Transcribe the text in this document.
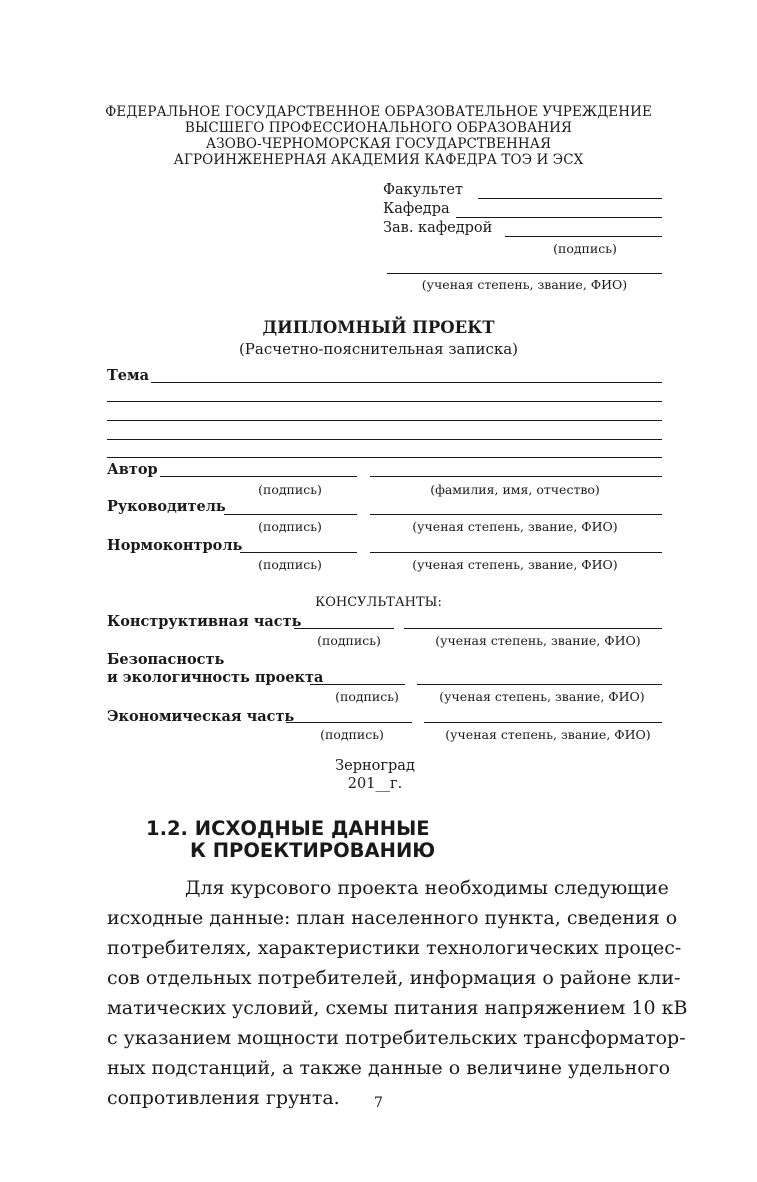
ФЕДЕРАЛЬНОЕ ГОСУДАРСТВЕННОЕ ОБРАЗОВАТЕЛЬНОЕ УЧРЕЖДЕНИЕ
ВЫСШЕГО ПРОФЕССИОНАЛЬНОГО ОБРАЗОВАНИЯ
АЗОВО-ЧЕРНОМОРСКАЯ ГОСУДАРСТВЕННАЯ
АГРОИНЖЕНЕРНАЯ АКАДЕМИЯ КАФЕДРА ТОЭ И ЭСХ
Факультет
Кафедра
Зав. кафедрой
(подпись)
(ученая степень, звание, ФИО)
ДИПЛОМНЫЙ ПРОЕКТ
(Расчетно-пояснительная записка)
Тема
Автор
(подпись)	(фамилия, имя, отчество)
Руководитель
(подпись)	(ученая степень, звание, ФИО)
Нормоконтроль
(подпись)	(ученая степень, звание, ФИО)
КОНСУЛЬТАНТЫ:
Конструктивная часть
(подпись)	(ученая степень, звание, ФИО)
Безопасность
и экологичность проекта
(подпись)	(ученая степень, звание, ФИО)
Экономическая часть
(подпись)	(ученая степень, звание, ФИО)
Зерноград
201__г.
1.2. ИСХОДНЫЕ ДАННЫЕ
К ПРОЕКТИРОВАНИЮ
Для курсового проекта необходимы следующие
исходные данные: план населенного пункта, сведения о
потребителях, характеристики технологических процес-
сов отдельных потребителей, информация о районе кли-
матических условий, схемы питания напряжением 10 кВ
с указанием мощности потребительских трансформатор-
ных подстанций, а также данные о величине удельного
сопротивления грунта.	7
